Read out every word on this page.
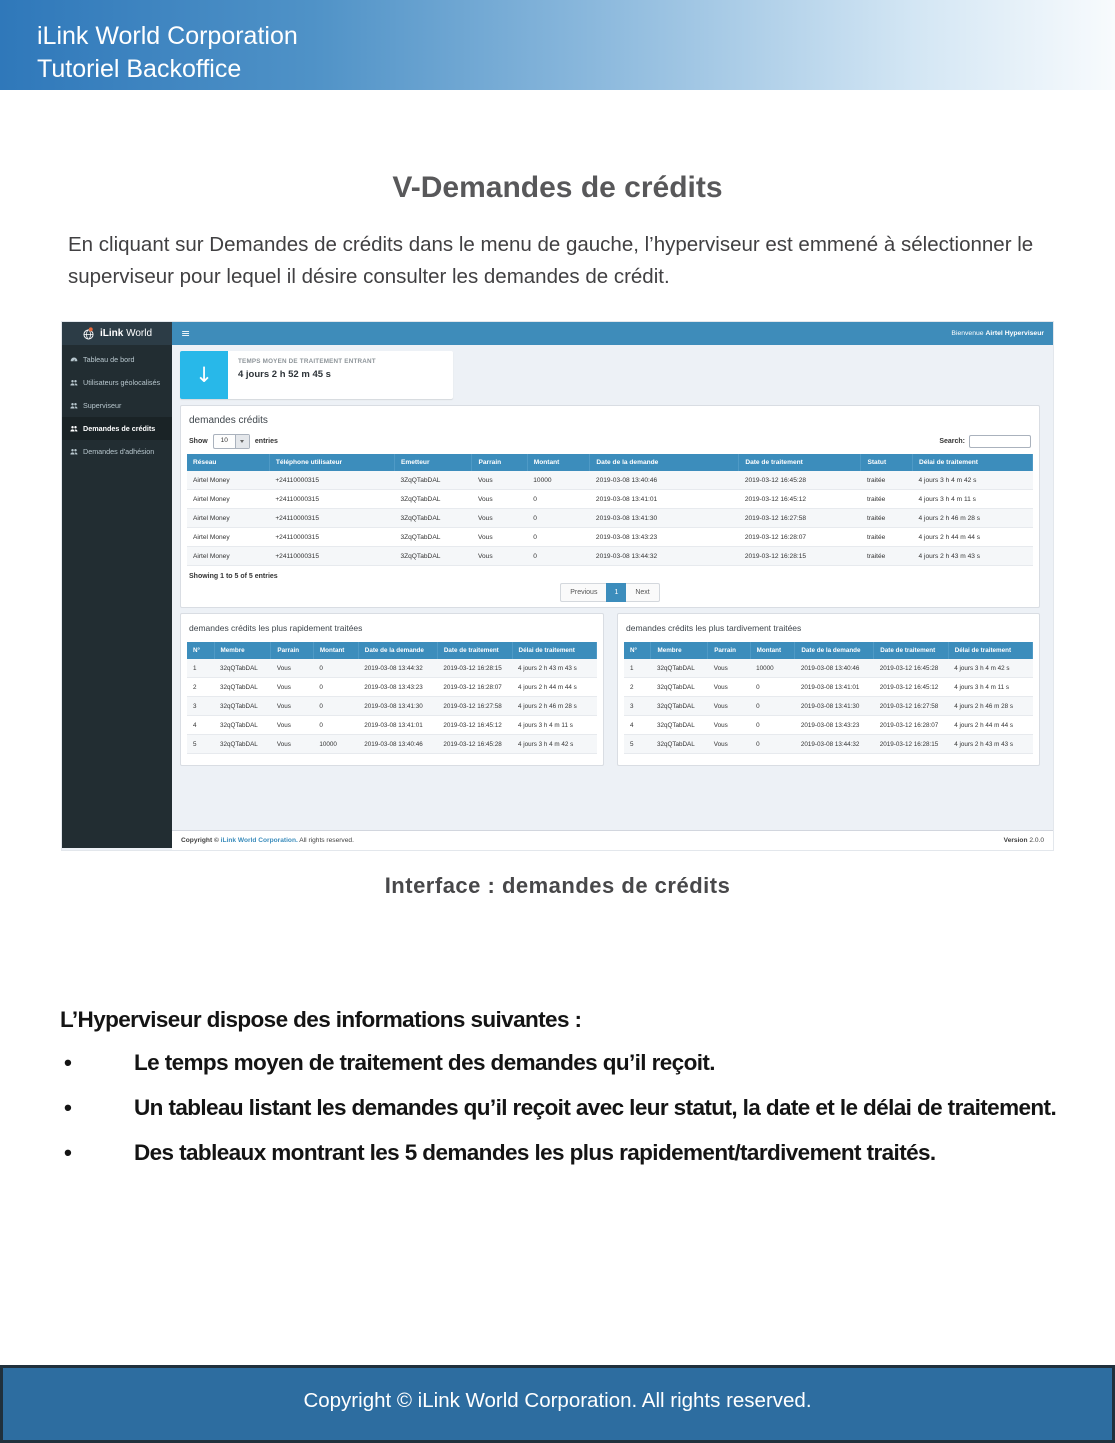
iLink World Corporation
Tutoriel Backoffice
V-Demandes de crédits

En cliquant sur Demandes de crédits dans le menu de gauche, l’hyperviseur est emmené à sélectionner le superviseur pour lequel il désire consulter les demandes de crédit.

iLink World	≡	Bienvenue Airtel Hyperviseur
Tableau de bord
Utilisateurs géolocalisés
Superviseur
Demandes de crédits
Demandes d'adhésion
↓
TEMPS MOYEN DE TRAITEMENT ENTRANT
4 jours 2 h 52 m 45 s
demandes crédits
Show	10	entries	Search:
Réseau	Téléphone utilisateur	Emetteur	Parrain	Montant	Date de la demande	Date de traitement	Statut	Délai de traitement
Airtel Money	+24110000315	3ZqQTabDAL	Vous	10000	2019-03-08 13:40:46	2019-03-12 16:45:28	traitée	4 jours 3 h 4 m 42 s
Airtel Money	+24110000315	3ZqQTabDAL	Vous	0	2019-03-08 13:41:01	2019-03-12 16:45:12	traitée	4 jours 3 h 4 m 11 s
Airtel Money	+24110000315	3ZqQTabDAL	Vous	0	2019-03-08 13:41:30	2019-03-12 16:27:58	traitée	4 jours 2 h 46 m 28 s
Airtel Money	+24110000315	3ZqQTabDAL	Vous	0	2019-03-08 13:43:23	2019-03-12 16:28:07	traitée	4 jours 2 h 44 m 44 s
Airtel Money	+24110000315	3ZqQTabDAL	Vous	0	2019-03-08 13:44:32	2019-03-12 16:28:15	traitée	4 jours 2 h 43 m 43 s
Showing 1 to 5 of 5 entries
Previous	1	Next
demandes crédits les plus rapidement traitées
N°	Membre	Parrain	Montant	Date de la demande	Date de traitement	Délai de traitement
1	32qQTabDAL	Vous	0	2019-03-08 13:44:32	2019-03-12 16:28:15	4 jours 2 h 43 m 43 s
2	32qQTabDAL	Vous	0	2019-03-08 13:43:23	2019-03-12 16:28:07	4 jours 2 h 44 m 44 s
3	32qQTabDAL	Vous	0	2019-03-08 13:41:30	2019-03-12 16:27:58	4 jours 2 h 46 m 28 s
4	32qQTabDAL	Vous	0	2019-03-08 13:41:01	2019-03-12 16:45:12	4 jours 3 h 4 m 11 s
5	32qQTabDAL	Vous	10000	2019-03-08 13:40:46	2019-03-12 16:45:28	4 jours 3 h 4 m 42 s
demandes crédits les plus tardivement traitées
N°	Membre	Parrain	Montant	Date de la demande	Date de traitement	Délai de traitement
1	32qQTabDAL	Vous	10000	2019-03-08 13:40:46	2019-03-12 16:45:28	4 jours 3 h 4 m 42 s
2	32qQTabDAL	Vous	0	2019-03-08 13:41:01	2019-03-12 16:45:12	4 jours 3 h 4 m 11 s
3	32qQTabDAL	Vous	0	2019-03-08 13:41:30	2019-03-12 16:27:58	4 jours 2 h 46 m 28 s
4	32qQTabDAL	Vous	0	2019-03-08 13:43:23	2019-03-12 16:28:07	4 jours 2 h 44 m 44 s
5	32qQTabDAL	Vous	0	2019-03-08 13:44:32	2019-03-12 16:28:15	4 jours 2 h 43 m 43 s
Copyright © iLink World Corporation. All rights reserved.	Version 2.0.0
Interface : demandes de crédits
L’Hyperviseur dispose des informations suivantes :
• Le temps moyen de traitement des demandes qu’il reçoit.
• Un tableau listant les demandes qu’il reçoit avec leur statut, la date et le délai de traitement.
• Des tableaux montrant les 5 demandes les plus rapidement/tardivement traités.
Copyright © iLink World Corporation. All rights reserved.
